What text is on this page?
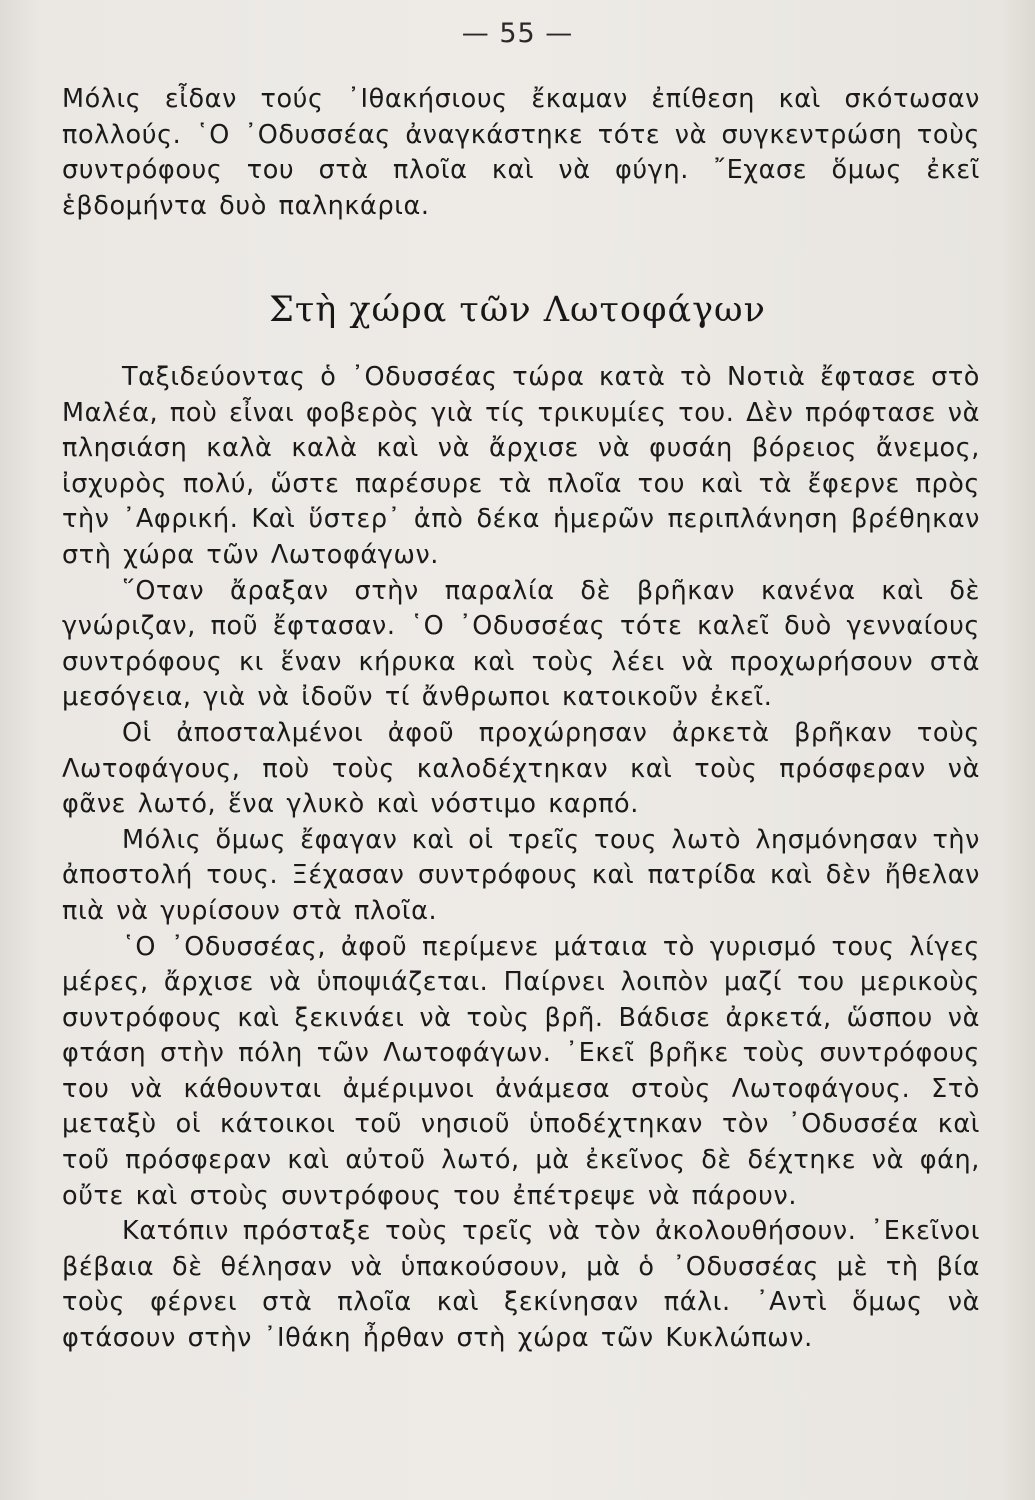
— 55 —

Μόλις εἶδαν τούς ᾿Ιθακήσιους ἔκαμαν ἐπίθεση καὶ σκότωσαν πολλούς. ῾Ο ᾿Οδυσσέας ἀναγκάστηκε τότε νὰ συγκεντρώση τοὺς συντρόφους του στὰ πλοῖα καὶ νὰ φύγη. ῎Εχασε ὅμως ἐκεῖ ἑβδομήντα δυὸ παληκάρια.

Στὴ χώρα τῶν Λωτοφάγων

Ταξιδεύοντας ὁ ᾿Οδυσσέας τώρα κατὰ τὸ Νοτιὰ ἔφτασε στὸ Μαλέα, ποὺ εἶναι φοβερὸς γιὰ τίς τρικυμίες του. Δὲν πρόφτασε νὰ πλησιάση καλὰ καλὰ καὶ νὰ ἄρχισε νὰ φυσάη βόρειος ἄνεμος, ἰσχυρὸς πολύ, ὥστε παρέσυρε τὰ πλοῖα του καὶ τὰ ἔφερνε πρὸς τὴν ᾿Αφρική. Καὶ ὕστερ᾿ ἀπὸ δέκα ἡμερῶν περιπλάνηση βρέθηκαν στὴ χώρα τῶν Λωτοφάγων.

῞Οταν ἄραξαν στὴν παραλία δὲ βρῆκαν κανένα καὶ δὲ γνώριζαν, ποῦ ἔφτασαν. ῾Ο ᾿Οδυσσέας τότε καλεῖ δυὸ γενναίους συντρόφους κι ἕναν κήρυκα καὶ τοὺς λέει νὰ προχωρήσουν στὰ μεσόγεια, γιὰ νὰ ἰδοῦν τί ἄνθρωποι κατοικοῦν ἐκεῖ.

Οἱ ἀποσταλμένοι ἀφοῦ προχώρησαν ἀρκετὰ βρῆκαν τοὺς Λωτοφάγους, ποὺ τοὺς καλοδέχτηκαν καὶ τοὺς πρόσφεραν νὰ φᾶνε λωτό, ἕνα γλυκὸ καὶ νόστιμο καρπό.

Μόλις ὅμως ἔφαγαν καὶ οἱ τρεῖς τους λωτὸ λησμόνησαν τὴν ἀποστολή τους. Ξέχασαν συντρόφους καὶ πατρίδα καὶ δὲν ἤθελαν πιὰ νὰ γυρίσουν στὰ πλοῖα.

῾Ο ᾿Οδυσσέας, ἀφοῦ περίμενε μάταια τὸ γυρισμό τους λίγες μέρες, ἄρχισε νὰ ὑποψιάζεται. Παίρνει λοιπὸν μαζί του μερικοὺς συντρόφους καὶ ξεκινάει νὰ τοὺς βρῆ. Βάδισε ἀρκετά, ὥσπου νὰ φτάση στὴν πόλη τῶν Λωτοφάγων. ᾿Εκεῖ βρῆκε τοὺς συντρόφους του νὰ κάθουνται ἀμέριμνοι ἀνάμεσα στοὺς Λωτοφάγους. Στὸ μεταξὺ οἱ κάτοικοι τοῦ νησιοῦ ὑποδέχτηκαν τὸν ᾿Οδυσσέα καὶ τοῦ πρόσφεραν καὶ αὐτοῦ λωτό, μὰ ἐκεῖνος δὲ δέχτηκε νὰ φάη, οὔτε καὶ στοὺς συντρόφους του ἐπέτρεψε νὰ πάρουν.

Κατόπιν πρόσταξε τοὺς τρεῖς νὰ τὸν ἀκολουθήσουν. ᾿Εκεῖνοι βέβαια δὲ θέλησαν νὰ ὑπακούσουν, μὰ ὁ ᾿Οδυσσέας μὲ τὴ βία τοὺς φέρνει στὰ πλοῖα καὶ ξεκίνησαν πάλι. ᾿Αντὶ ὅμως νὰ φτάσουν στὴν ᾿Ιθάκη ἦρθαν στὴ χώρα τῶν Κυκλώπων.
